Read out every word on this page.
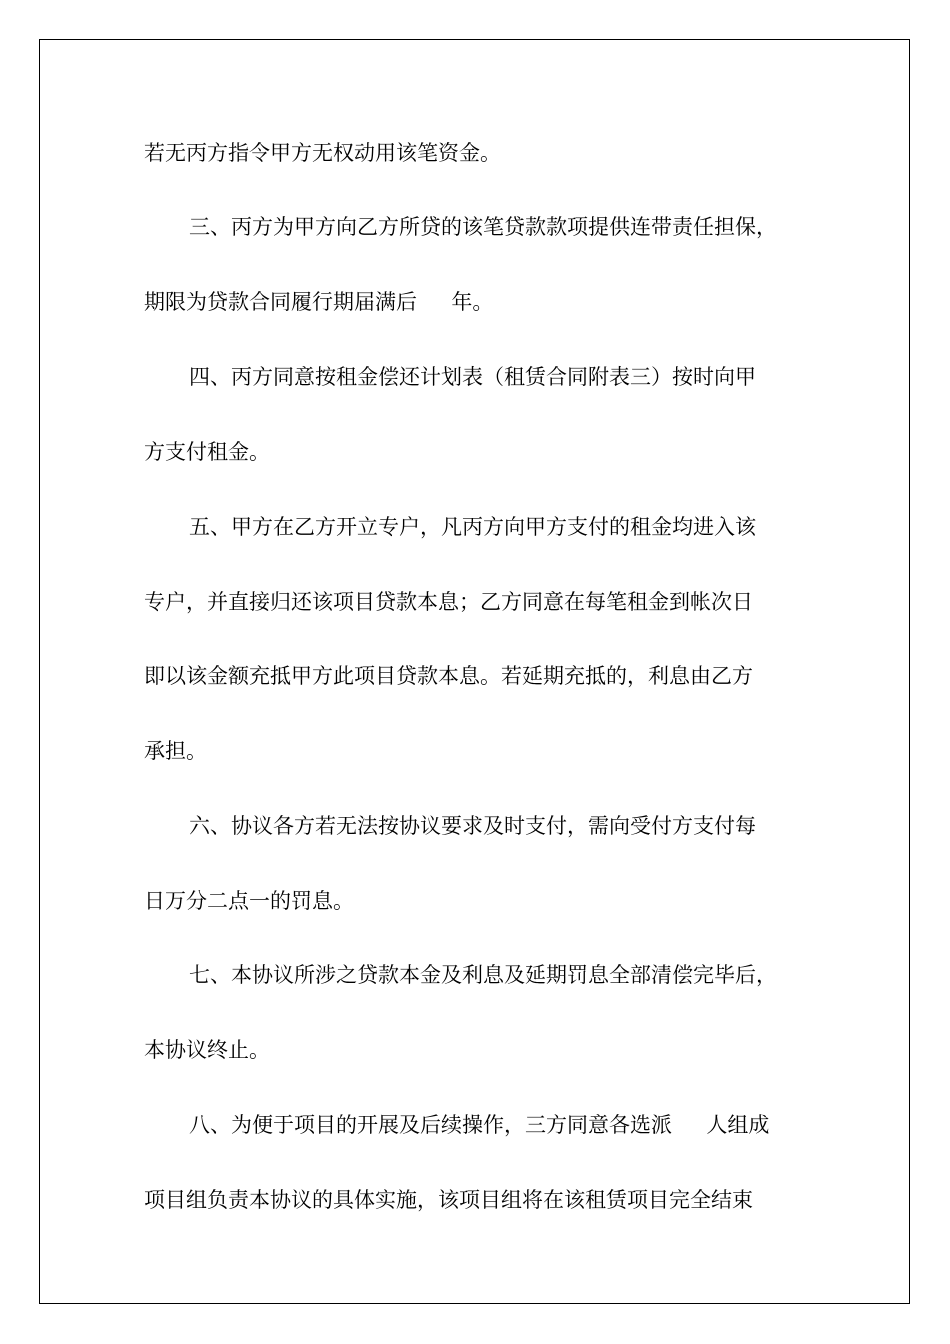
若无丙方指令甲方无权动用该笔资金。

三、丙方为甲方向乙方所贷的该笔贷款款项提供连带责任担保，

期限为贷款合同履行期届满后　  年。

四、丙方同意按租金偿还计划表（租赁合同附表三）按时向甲

方支付租金。

五、甲方在乙方开立专户，凡丙方向甲方支付的租金均进入该

专户，并直接归还该项目贷款本息；乙方同意在每笔租金到帐次日

即以该金额充抵甲方此项目贷款本息。若延期充抵的，利息由乙方

承担。

六、协议各方若无法按协议要求及时支付，需向受付方支付每

日万分二点一的罚息。

七、本协议所涉之贷款本金及利息及延期罚息全部清偿完毕后，

本协议终止。

八、为便于项目的开展及后续操作，三方同意各选派　  人组成

项目组负责本协议的具体实施，该项目组将在该租赁项目完全结束
